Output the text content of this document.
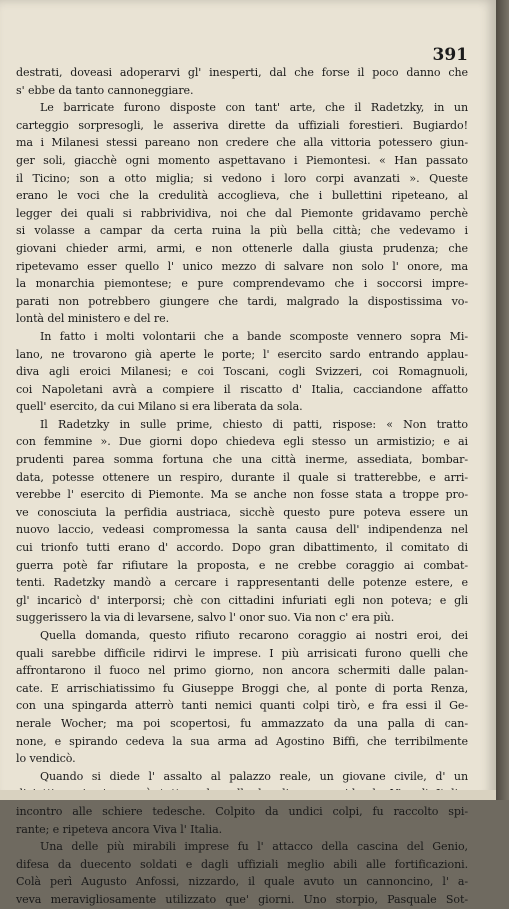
391

destrati, doveasi adoperarvi gl' inesperti, dal che forse il poco danno che

s' ebbe da tanto cannoneggiare.

Le barricate furono disposte con tant' arte, che il Radetzky, in un

carteggio sorpresogli, le asseriva dirette da uffiziali forestieri. Bugiardo!

ma i Milanesi stessi pareano non credere che alla vittoria potessero giun-

ger soli, giacchè ogni momento aspettavano i Piemontesi. « Han passato

il Ticino; son a otto miglia; si vedono i loro corpi avanzati ». Queste

erano le voci che la credulità accoglieva, che i bullettini ripeteano, al

legger dei quali si rabbrividiva, noi che dal Piemonte gridavamo perchè

si volasse a campar da certa ruina la più bella città; che vedevamo i

giovani chieder armi, armi, e non ottenerle dalla giusta prudenza; che

ripetevamo esser quello l' unico mezzo di salvare non solo l' onore, ma

la monarchia piemontese; e pure comprendevamo che i soccorsi impre-

parati non potrebbero giungere che tardi, malgrado la dispostissima vo-

lontà del ministero e del re.

In fatto i molti volontarii che a bande scomposte vennero sopra Mi-

lano, ne trovarono già aperte le porte; l' esercito sardo entrando applau-

diva agli eroici Milanesi; e coi Toscani, cogli Svizzeri, coi Romagnuoli,

coi Napoletani avrà a compiere il riscatto d' Italia, cacciandone affatto

quell' esercito, da cui Milano si era liberata da sola.

Il Radetzky in sulle prime, chiesto di patti, rispose: « Non tratto

con femmine ». Due giorni dopo chiedeva egli stesso un armistizio; e ai

prudenti parea somma fortuna che una città inerme, assediata, bombar-

data, potesse ottenere un respiro, durante il quale si tratterebbe, e arri-

verebbe l' esercito di Piemonte. Ma se anche non fosse stata a troppe pro-

ve conosciuta la perfidia austriaca, sicchè questo pure poteva essere un

nuovo laccio, vedeasi compromessa la santa causa dell' indipendenza nel

cui trionfo tutti erano d' accordo. Dopo gran dibattimento, il comitato di

guerra potè far rifiutare la proposta, e ne crebbe coraggio ai combat-

tenti. Radetzky mandò a cercare i rappresentanti delle potenze estere, e

gl' incaricò d' interporsi; chè con cittadini infuriati egli non poteva; e gli

suggerissero la via di levarsene, salvo l' onor suo. Via non c' era più.

Quella domanda, questo rifiuto recarono coraggio ai nostri eroi, dei

quali sarebbe difficile ridirvi le imprese. I più arrisicati furono quelli che

affrontarono il fuoco nel primo giorno, non ancora schermiti dalle palan-

cate. E arrischiatissimo fu Giuseppe Broggi che, al ponte di porta Renza,

con una spingarda atterrò tanti nemici quanti colpi tirò, e fra essi il Ge-

nerale Wocher; ma poi scopertosi, fu ammazzato da una palla di can-

none, e spirando cedeva la sua arma ad Agostino Biffi, che terribilmente

lo vendicò.

Quando si diede l' assalto al palazzo reale, un giovane civile, d' un

incontro alle schiere tedesche. Colpito da undici colpi, fu raccolto spi-

rante; e ripeteva ancora Viva l' Italia.

Una delle più mirabili imprese fu l' attacco della cascina del Genio,

difesa da duecento soldati e dagli uffiziali meglio abili alle fortificazioni.

Colà perì Augusto Anfossi, nizzardo, il quale avuto un cannoncino, l' a-

veva meravigliosamente utilizzato que' giorni. Uno storpio, Pasquale Sot-
